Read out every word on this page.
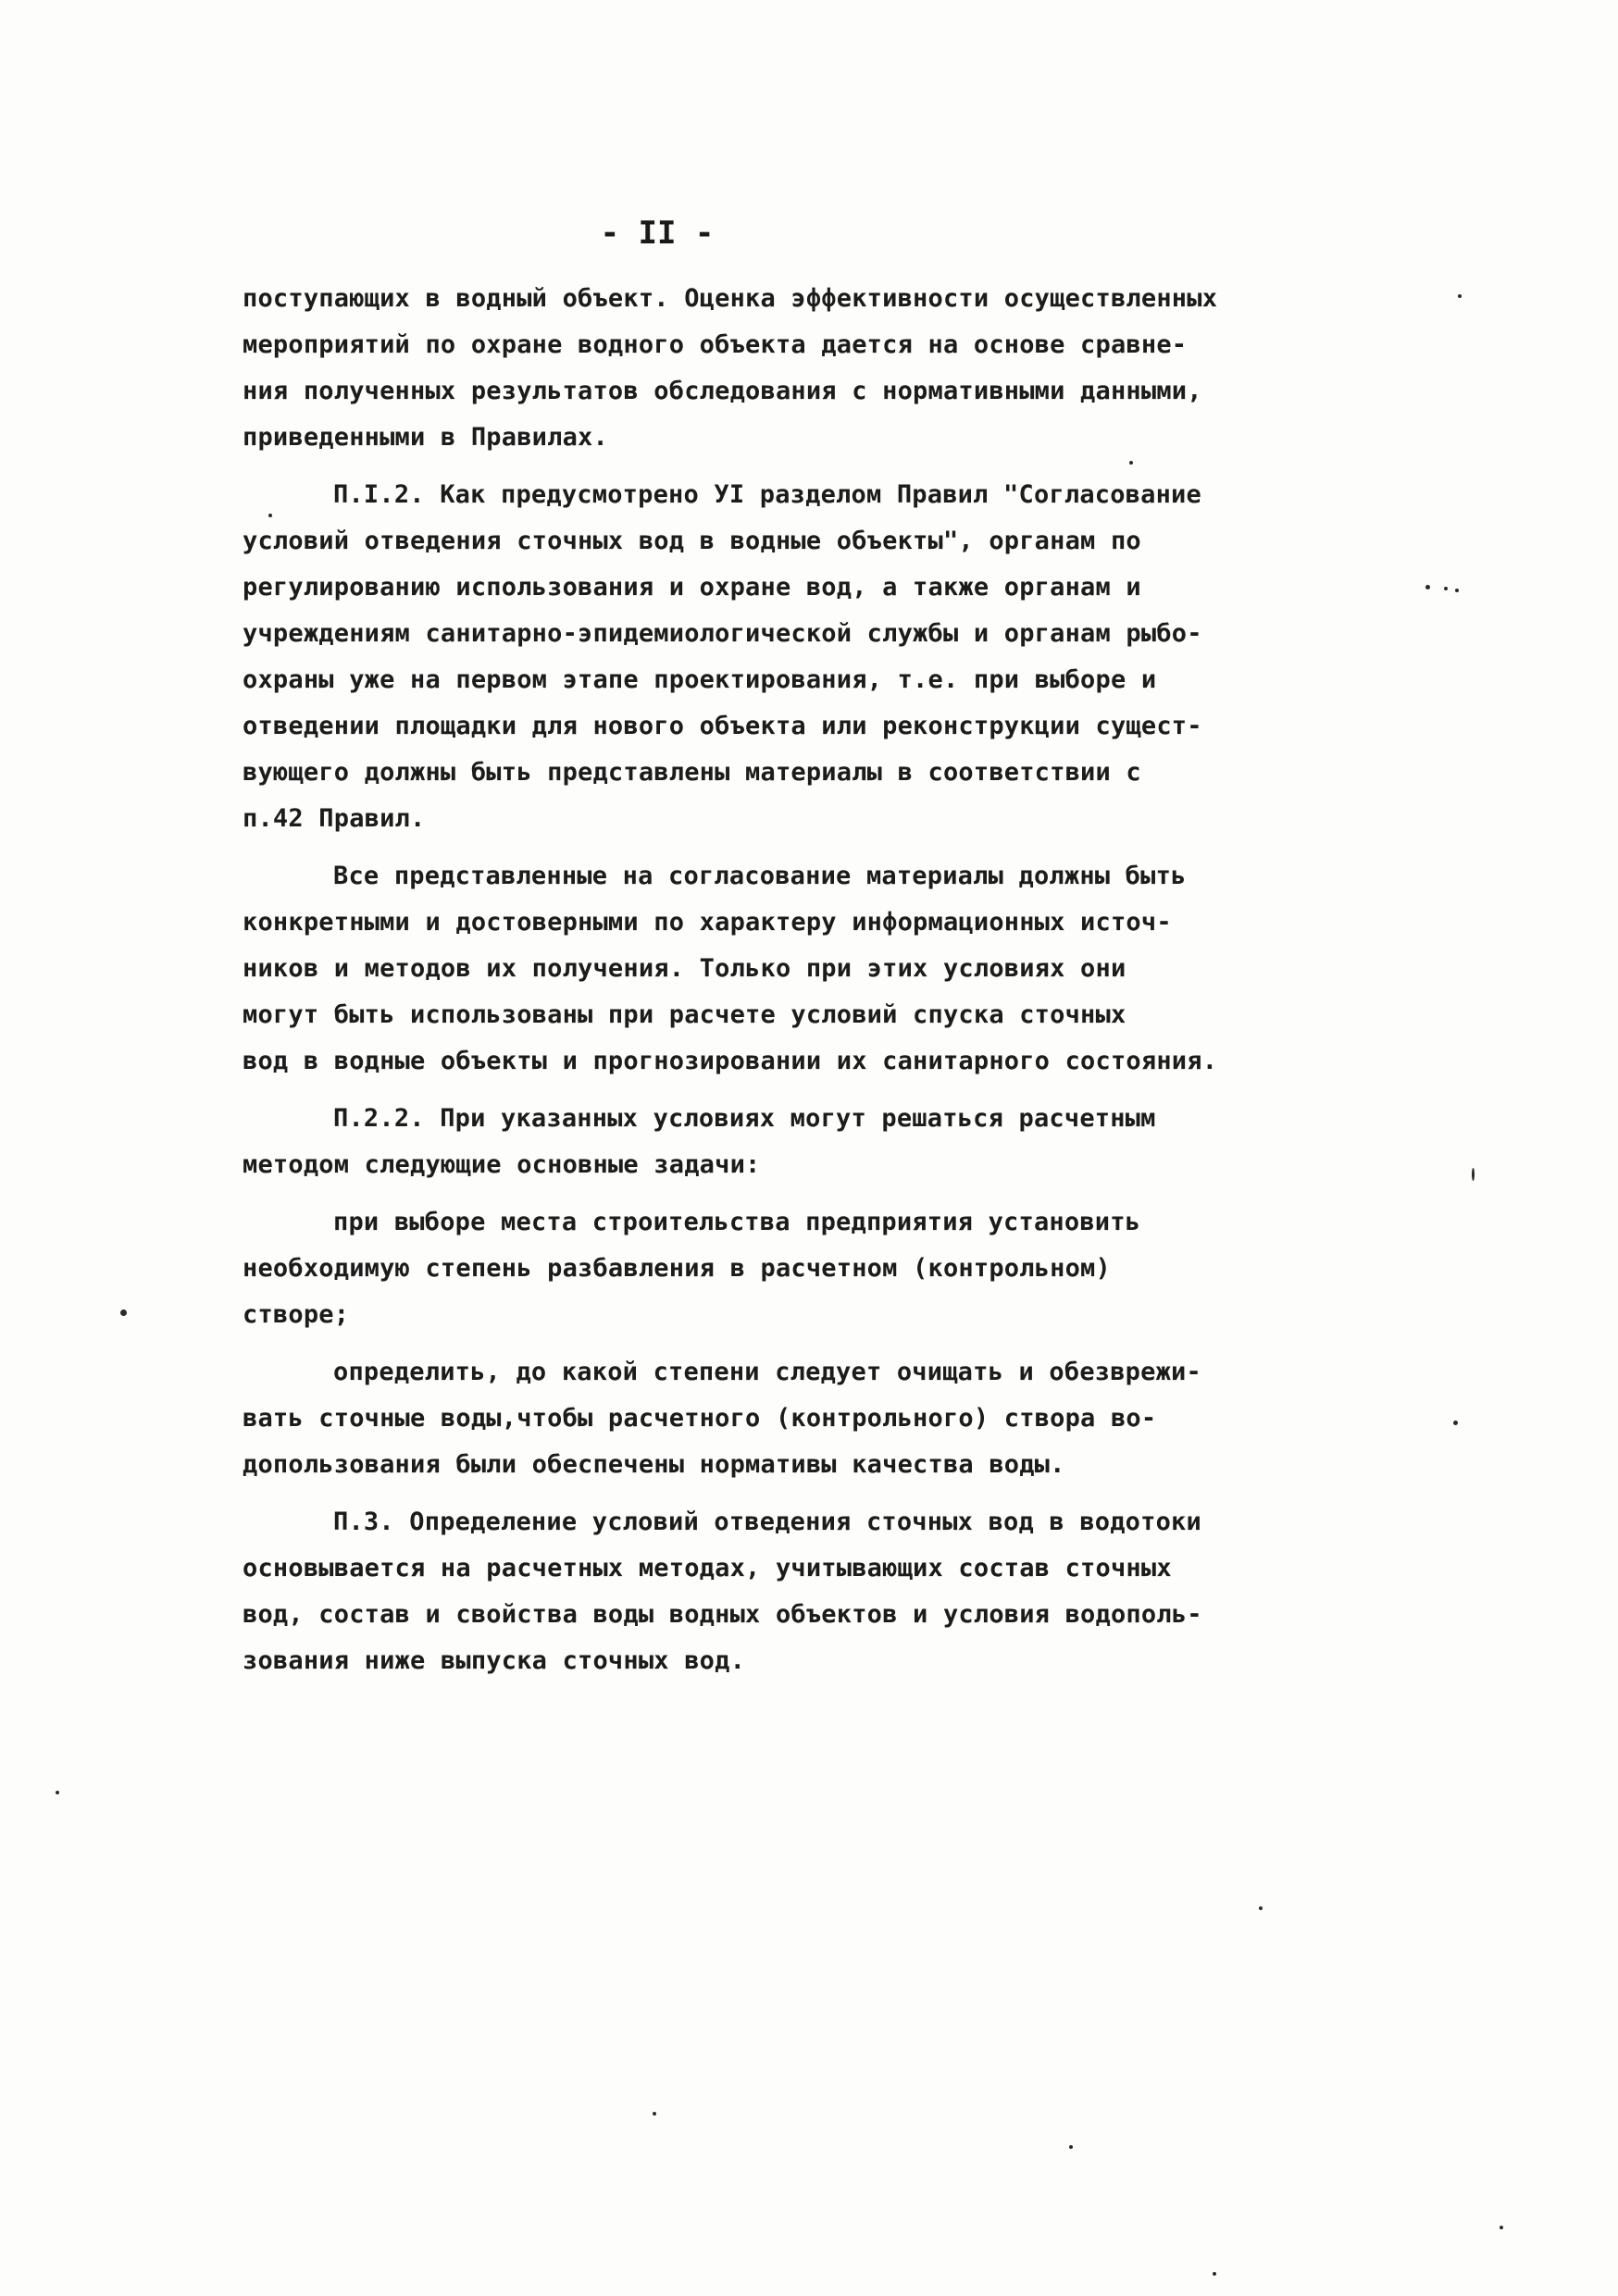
- II -
поступающих в водный объект. Оценка эффективности осуществленных
мероприятий по охране водного объекта дается на основе сравне-
ния полученных результатов обследования с нормативными данными,
приведенными в Правилах.
П.I.2. Как предусмотрено УI разделом Правил "Согласование
условий отведения сточных вод в водные объекты", органам по
регулированию использования и охране вод, а также органам и
учреждениям санитарно-эпидемиологической службы и органам рыбо-
охраны уже на первом этапе проектирования, т.е. при выборе и
отведении площадки для нового объекта или реконструкции сущест-
вующего должны быть представлены материалы в соответствии с
п.42 Правил.
Все представленные на согласование материалы должны быть
конкретными и достоверными по характеру информационных источ-
ников и методов их получения. Только при этих условиях они
могут быть использованы при расчете условий спуска сточных
вод в водные объекты и прогнозировании их санитарного состояния.
П.2.2. При указанных условиях могут решаться расчетным
методом следующие основные задачи:
при выборе места строительства предприятия установить
необходимую степень разбавления в расчетном (контрольном)
створе;
определить, до какой степени следует очищать и обезврежи-
вать сточные воды,чтобы расчетного (контрольного) створа во-
допользования были обеспечены нормативы качества воды.
П.3. Определение условий отведения сточных вод в водотоки
основывается на расчетных методах, учитывающих состав сточных
вод, состав и свойства воды водных объектов и условия водополь-
зования ниже выпуска сточных вод.
